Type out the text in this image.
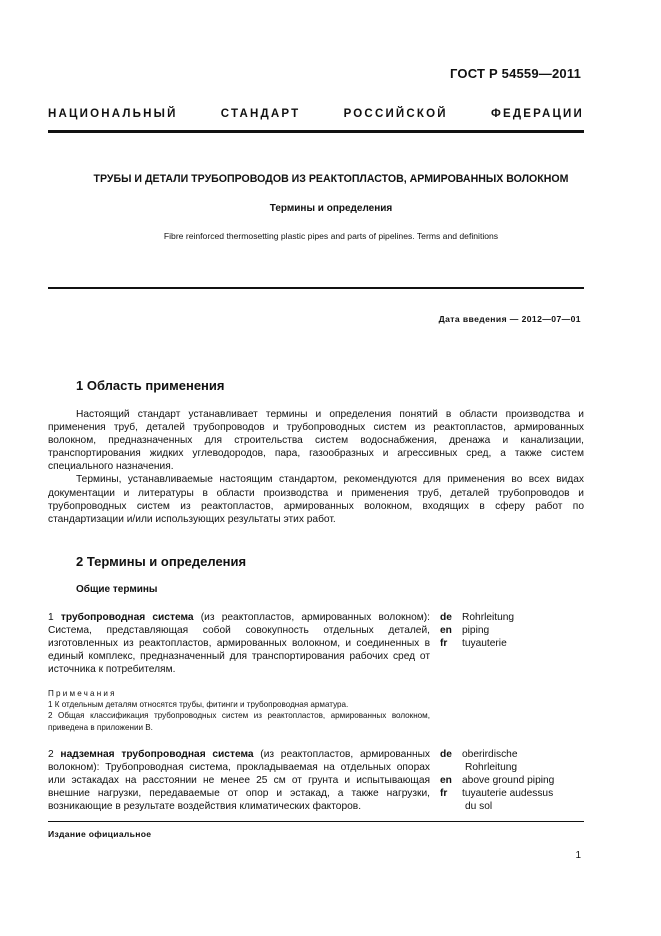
ГОСТ Р 54559—2011
НАЦИОНАЛЬНЫЙ СТАНДАРТ РОССИЙСКОЙ ФЕДЕРАЦИИ
ТРУБЫ И ДЕТАЛИ ТРУБОПРОВОДОВ ИЗ РЕАКТОПЛАСТОВ, АРМИРОВАННЫХ ВОЛОКНОМ
Термины и определения
Fibre reinforced thermosetting plastic pipes and parts of pipelines. Terms and definitions
Дата введения — 2012—07—01
1 Область применения

Настоящий стандарт устанавливает термины и определения понятий в области производства и применения труб, деталей трубопроводов и трубопроводных систем из реактопластов, армированных волокном, предназначенных для строительства систем водоснабжения, дренажа и канализации, транспортирования жидких углеводородов, пара, газообразных и агрессивных сред, а также систем специального назначения.

Термины, устанавливаемые настоящим стандартом, рекомендуются для применения во всех видах документации и литературы в области производства и применения труб, деталей трубопроводов и трубопроводных систем из реактопластов, армированных волокном, входящих в сферу работ по стандартизации и/или использующих результаты этих работ.

2 Термины и определения
Общие термины
1 трубопроводная система (из реактопластов, армированных волокном): Система, представляющая собой совокупность отдельных деталей, изготовленных из реактопластов, армированных волокном, и соединенных в единый комплекс, предназначенный для транспортирования рабочих сред от источника к потребителям.
de Rohrleitung
en piping
fr	tuyauterie
Примечания
1 К отдельным деталям относятся трубы, фитинги и трубопроводная арматура.
2 Общая классификация трубопроводных систем из реактопластов, армированных волокном, приведена в приложении В.
2 надземная трубопроводная система (из реактопластов, армированных волокном): Трубопроводная система, прокладываемая на отдельных опорах или эстакадах на расстоянии не менее 25 см от грунта и испытывающая внешние нагрузки, передаваемые от опор и эстакад, а также нагрузки, возникающие в результате воздействия климатических факторов.
de oberirdische
Rohrleitung
en above ground piping
fr	tuyauterie audessus
du sol
Издание официальное
1
